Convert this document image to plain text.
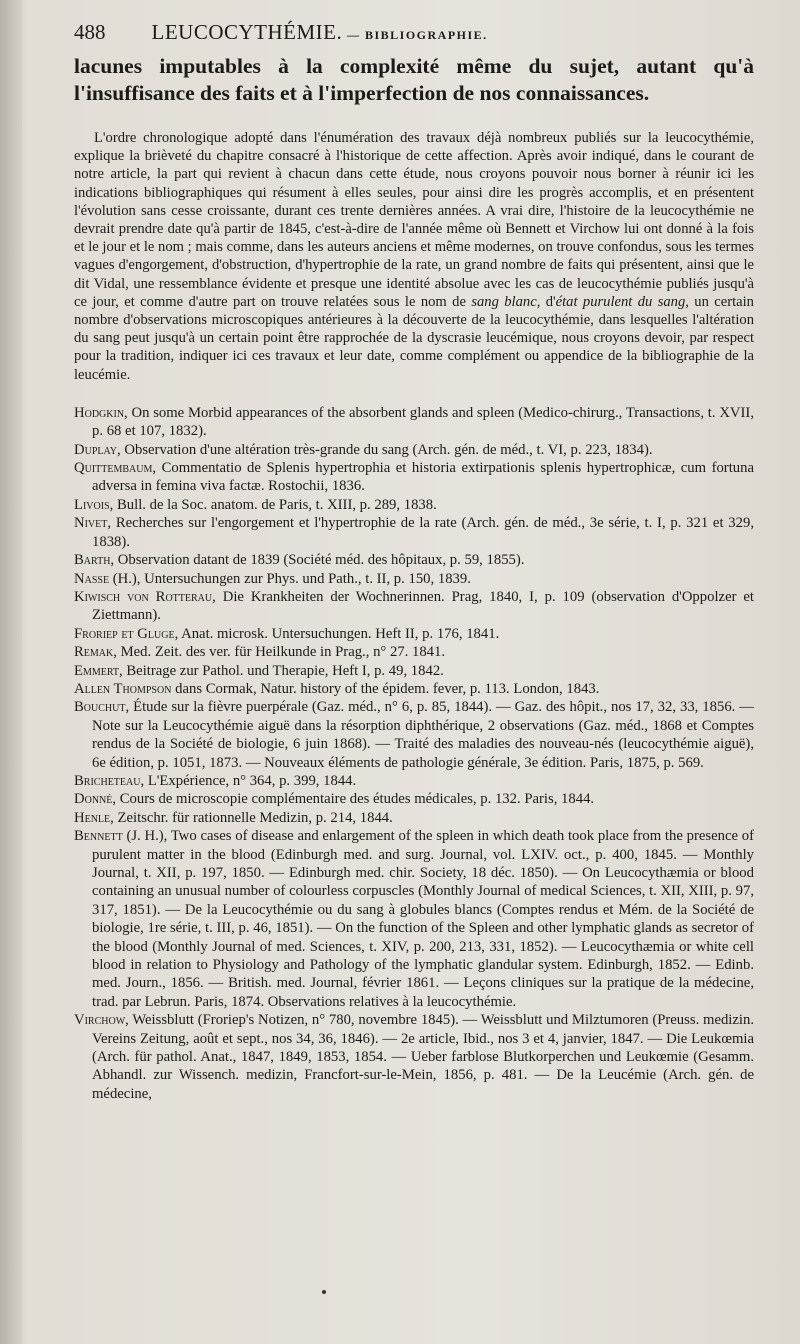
488 LEUCOCYTHÉMIE. — BIBLIOGRAPHIE.

lacunes imputables à la complexité même du sujet, autant qu'à l'insuffisance des faits et à l'imperfection de nos connaissances.

L'ordre chronologique adopté dans l'énumération des travaux déjà nombreux publiés sur la leucocythémie, explique la brièveté du chapitre consacré à l'historique de cette affection. Après avoir indiqué, dans le courant de notre article, la part qui revient à chacun dans cette étude, nous croyons pouvoir nous borner à réunir ici les indications bibliographiques qui résument à elles seules, pour ainsi dire les progrès accomplis, et en présentent l'évolution sans cesse croissante, durant ces trente dernières années. A vrai dire, l'histoire de la leucocythémie ne devrait prendre date qu'à partir de 1845, c'est-à-dire de l'année même où Bennett et Virchow lui ont donné à la fois et le jour et le nom ; mais comme, dans les auteurs anciens et même modernes, on trouve confondus, sous les termes vagues d'engorgement, d'obstruction, d'hypertrophie de la rate, un grand nombre de faits qui présentent, ainsi que le dit Vidal, une ressemblance évidente et presque une identité absolue avec les cas de leucocythémie publiés jusqu'à ce jour, et comme d'autre part on trouve relatées sous le nom de sang blanc, d'état purulent du sang, un certain nombre d'observations microscopiques antérieures à la découverte de la leucocythémie, dans lesquelles l'altération du sang peut jusqu'à un certain point être rapprochée de la dyscrasie leucémique, nous croyons devoir, par respect pour la tradition, indiquer ici ces travaux et leur date, comme complément ou appendice de la bibliographie de la leucémie.

Hodgkin, On some Morbid appearances of the absorbent glands and spleen (Medico-chirurg., Transactions, t. XVII, p. 68 et 107, 1832).
Duplay, Observation d'une altération très-grande du sang (Arch. gén. de méd., t. VI, p. 223, 1834).
Quittembaum, Commentatio de Splenis hypertrophia et historia extirpationis splenis hypertrophicæ, cum fortuna adversa in femina viva factæ. Rostochii, 1836.
Livois, Bull. de la Soc. anatom. de Paris, t. XIII, p. 289, 1838.
Nivet, Recherches sur l'engorgement et l'hypertrophie de la rate (Arch. gén. de méd., 3e série, t. I, p. 321 et 329, 1838).
Barth, Observation datant de 1839 (Société méd. des hôpitaux, p. 59, 1855).
Nasse (H.), Untersuchungen zur Phys. und Path., t. II, p. 150, 1839.
Kiwisch von Rotterau, Die Krankheiten der Wochnerinnen. Prag, 1840, I, p. 109 (observation d'Oppolzer et Ziettmann).
Froriep et Gluge, Anat. microsk. Untersuchungen. Heft II, p. 176, 1841.
Remak, Med. Zeit. des ver. für Heilkunde in Prag., n° 27. 1841.
Emmert, Beitrage zur Pathol. und Therapie, Heft I, p. 49, 1842.
Allen Thompson dans Cormak, Natur. history of the épidem. fever, p. 113. London, 1843.
Bouchut, Étude sur la fièvre puerpérale (Gaz. méd., n° 6, p. 85, 1844). — Gaz. des hôpit., nos 17, 32, 33, 1856. — Note sur la Leucocythémie aiguë dans la résorption diphthérique, 2 observations (Gaz. méd., 1868 et Comptes rendus de la Société de biologie, 6 juin 1868). — Traité des maladies des nouveau-nés (leucocythémie aiguë), 6e édition, p. 1051, 1873. — Nouveaux éléments de pathologie générale, 3e édition. Paris, 1875, p. 569.
Bricheteau, L'Expérience, n° 364, p. 399, 1844.
Donné, Cours de microscopie complémentaire des études médicales, p. 132. Paris, 1844.
Henle, Zeitschr. für rationnelle Medizin, p. 214, 1844.
Bennett (J. H.), Two cases of disease and enlargement of the spleen in which death took place from the presence of purulent matter in the blood (Edinburgh med. and surg. Journal, vol. LXIV. oct., p. 400, 1845. — Monthly Journal, t. XII, p. 197, 1850. — Edinburgh med. chir. Society, 18 déc. 1850). — On Leucocythæmia or blood containing an unusual number of colourless corpuscles (Monthly Journal of medical Sciences, t. XII, XIII, p. 97, 317, 1851). — De la Leucocythémie ou du sang à globules blancs (Comptes rendus et Mém. de la Société de biologie, 1re série, t. III, p. 46, 1851). — On the function of the Spleen and other lymphatic glands as secretor of the blood (Monthly Journal of med. Sciences, t. XIV, p. 200, 213, 331, 1852). — Leucocythæmia or white cell blood in relation to Physiology and Pathology of the lymphatic glandular system. Edinburgh, 1852. — Edinb. med. Journ., 1856. — British. med. Journal, février 1861. — Leçons cliniques sur la pratique de la médecine, trad. par Lebrun. Paris, 1874. Observations relatives à la leucocythémie.
Virchow, Weissblutt (Froriep's Notizen, n° 780, novembre 1845). — Weissblutt und Milztumoren (Preuss. medizin. Vereins Zeitung, août et sept., nos 34, 36, 1846). — 2e article, Ibid., nos 3 et 4, janvier, 1847. — Die Leukœmia (Arch. für pathol. Anat., 1847, 1849, 1853, 1854. — Ueber farblose Blutkorperchen und Leukœmie (Gesamm. Abhandl. zur Wissench. medizin, Francfort-sur-le-Mein, 1856, p. 481. — De la Leucémie (Arch. gén. de médecine,
